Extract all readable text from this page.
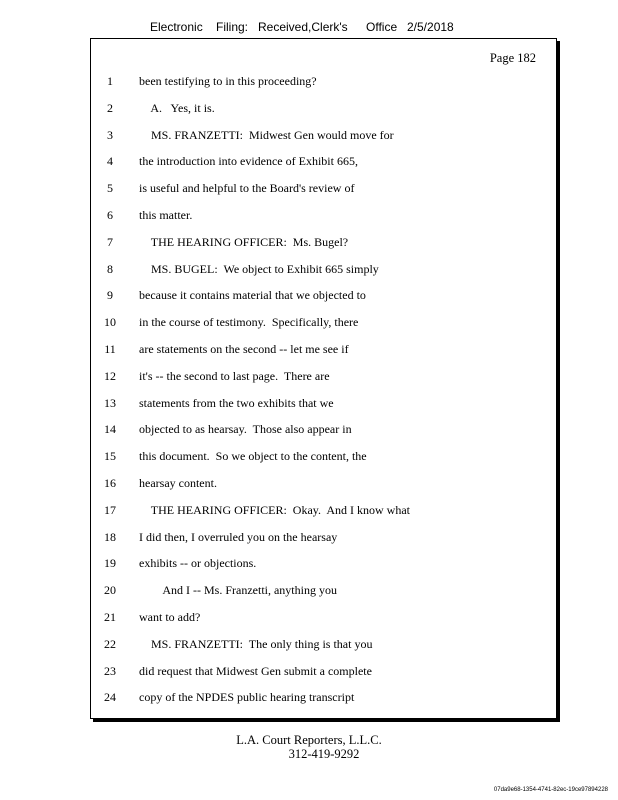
Electronic Filing: Received,Clerk's Office 2/5/2018
Page 182
1	been testifying to in this proceeding?
2	A.   Yes, it is.
3	MS. FRANZETTI:  Midwest Gen would move for
4	the introduction into evidence of Exhibit 665,
5	is useful and helpful to the Board's review of
6	this matter.
7	THE HEARING OFFICER:  Ms. Bugel?
8	MS. BUGEL:  We object to Exhibit 665 simply
9	because it contains material that we objected to
10	in the course of testimony.  Specifically, there
11	are statements on the second -- let me see if
12	it's -- the second to last page.  There are
13	statements from the two exhibits that we
14	objected to as hearsay.  Those also appear in
15	this document.  So we object to the content, the
16	hearsay content.
17	THE HEARING OFFICER:  Okay.  And I know what
18	I did then, I overruled you on the hearsay
19	exhibits -- or objections.
20	And I -- Ms. Franzetti, anything you
21	want to add?
22	MS. FRANZETTI:  The only thing is that you
23	did request that Midwest Gen submit a complete
24	copy of the NPDES public hearing transcript
L.A. Court Reporters, L.L.C.
312-419-9292
07da9e68-1354-4741-82ec-19ce97894228
